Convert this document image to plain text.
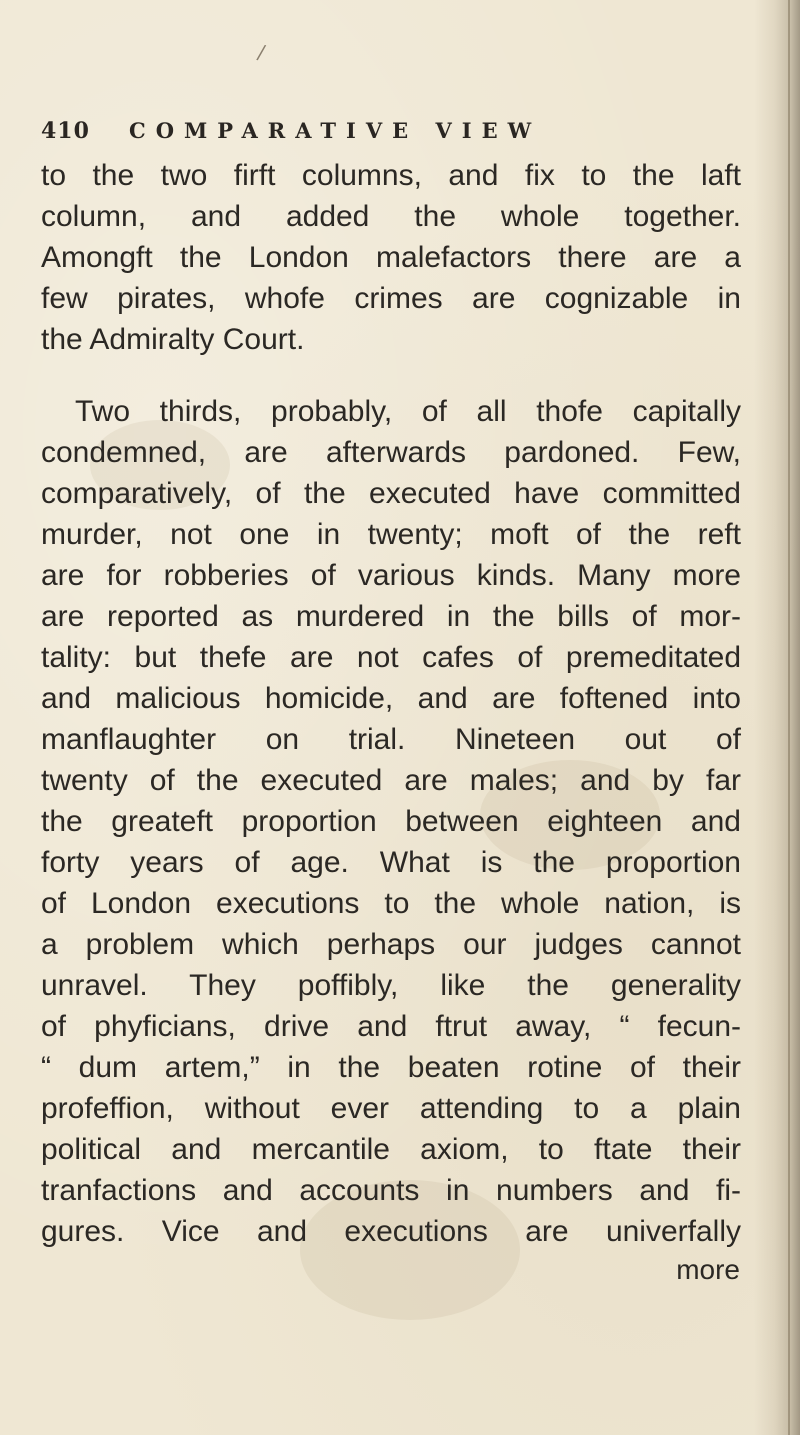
/
410 COMPARATIVE VIEW

to the two firft columns, and fix to the laft
column, and added the whole together.
Amongft the London malefactors there are a
few pirates, whofe crimes are cognizable in
the Admiralty Court.

Two thirds, probably, of all thofe capitally
condemned, are afterwards pardoned. Few,
comparatively, of the executed have committed
murder, not one in twenty; moft of the reft
are for robberies of various kinds. Many more
are reported as murdered in the bills of mor-
tality: but thefe are not cafes of premeditated
and malicious homicide, and are foftened into
manflaughter on trial. Nineteen out of
twenty of the executed are males; and by far
the greateft proportion between eighteen and
forty years of age. What is the proportion
of London executions to the whole nation, is
a problem which perhaps our judges cannot
unravel. They poffibly, like the generality
of phyficians, drive and ftrut away, “ fecun-
“ dum artem,” in the beaten rotine of their
profeffion, without ever attending to a plain
political and mercantile axiom, to ftate their
tranfactions and accounts in numbers and fi-
gures. Vice and executions are univerfally

more
